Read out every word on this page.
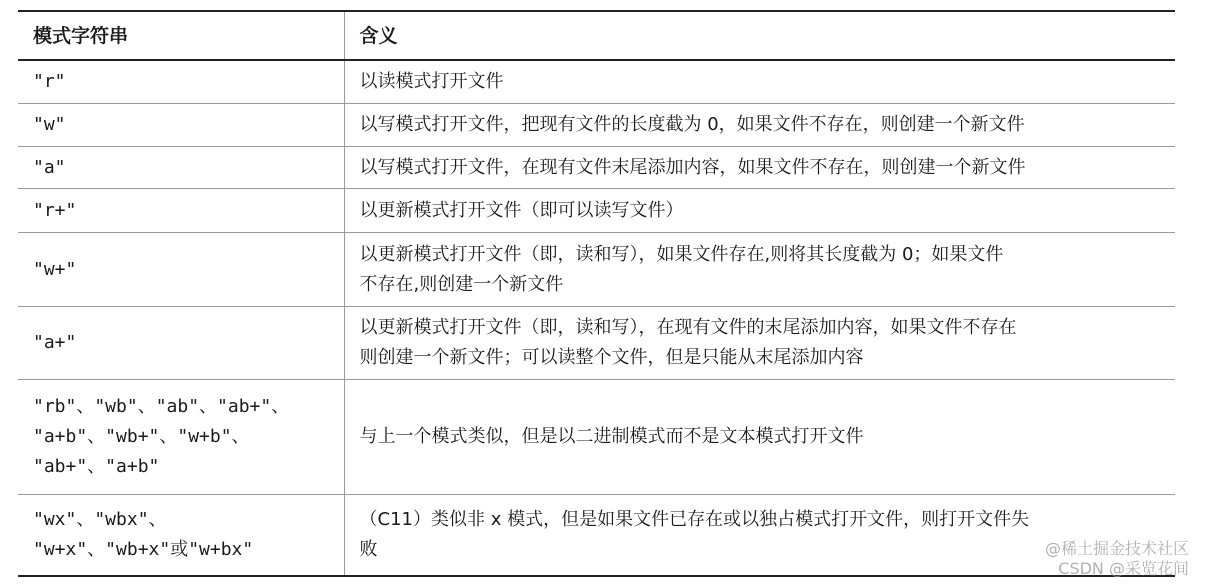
模式字符串	含义

"r"	以读模式打开文件

"w"	以写模式打开文件，把现有文件的长度截为 0，如果文件不存在，则创建一个新文件

"a"	以写模式打开文件，在现有文件末尾添加内容，如果文件不存在，则创建一个新文件

"r+"	以更新模式打开文件（即可以读写文件）

"w+"	以更新模式打开文件（即，读和写），如果文件存在,则将其长度截为 0；如果文件
不存在,则创建一个新文件

"a+"	以更新模式打开文件（即，读和写），在现有文件的末尾添加内容，如果文件不存在
则创建一个新文件；可以读整个文件，但是只能从末尾添加内容

"rb"、"wb"、"ab"、"ab+"、
"a+b"、"wb+"、"w+b"、
"ab+"、"a+b"	与上一个模式类似，但是以二进制模式而不是文本模式打开文件

"wx"、"wbx"、
"w+x"、"wb+x"或"w+bx"	（C11）类似非 x 模式，但是如果文件已存在或以独占模式打开文件，则打开文件失
败	@稀土掘金技术社区
CSDN @采览花间
